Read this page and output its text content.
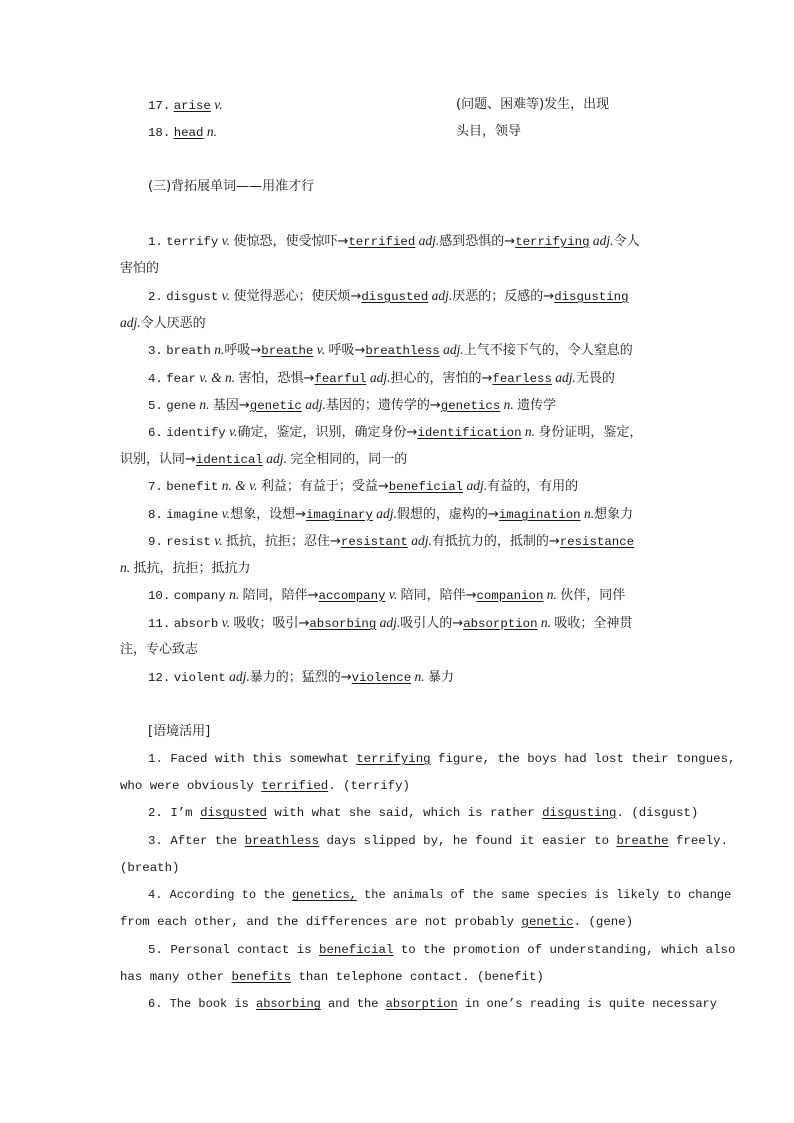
17. arise v.	(问题、困难等)发生，出现
18. head n.	头目，领导
(三)背拓展单词——用准才行
1. terrify v. 使惊恐，使受惊吓→terrified adj.感到恐惧的→terrifying adj.令人
害怕的
2. disgust v. 使觉得恶心；使厌烦→disgusted adj.厌恶的；反感的→disgusting
adj.令人厌恶的
3. breath n.呼吸→breathe v. 呼吸→breathless adj.上气不接下气的，令人窒息的
4. fear v. & n. 害怕，恐惧→fearful adj.担心的，害怕的→fearless adj.无畏的
5. gene n. 基因→genetic adj.基因的；遗传学的→genetics n. 遗传学
6. identify v.确定，鉴定，识别，确定身份→identification n. 身份证明，鉴定，
识别，认同→identical adj. 完全相同的，同一的
7. benefit n. & v. 利益；有益于；受益→beneficial adj.有益的，有用的
8. imagine v.想象，设想→imaginary adj.假想的，虚构的→imagination n.想象力
9. resist v. 抵抗，抗拒；忍住→resistant adj.有抵抗力的，抵制的→resistance
n. 抵抗，抗拒；抵抗力
10. company n. 陪同，陪伴→accompany v. 陪同，陪伴→companion n. 伙伴，同伴
11. absorb v. 吸收；吸引→absorbing adj.吸引人的→absorption n. 吸收；全神贯
注，专心致志
12. violent adj.暴力的；猛烈的→violence n. 暴力
[语境活用]
1. Faced with this somewhat terrifying figure, the boys had lost their tongues,
who were obviously terrified. (terrify)
2. I’m disgusted with what she said, which is rather disgusting. (disgust)
3. After the breathless days slipped by, he found it easier to breathe freely.
(breath)
4. According to the genetics, the animals of the same species is likely to change
from each other, and the differences are not probably genetic. (gene)
5. Personal contact is beneficial to the promotion of understanding, which also
has many other benefits than telephone contact. (benefit)
6. The book is absorbing and the absorption in one’s reading is quite necessary
